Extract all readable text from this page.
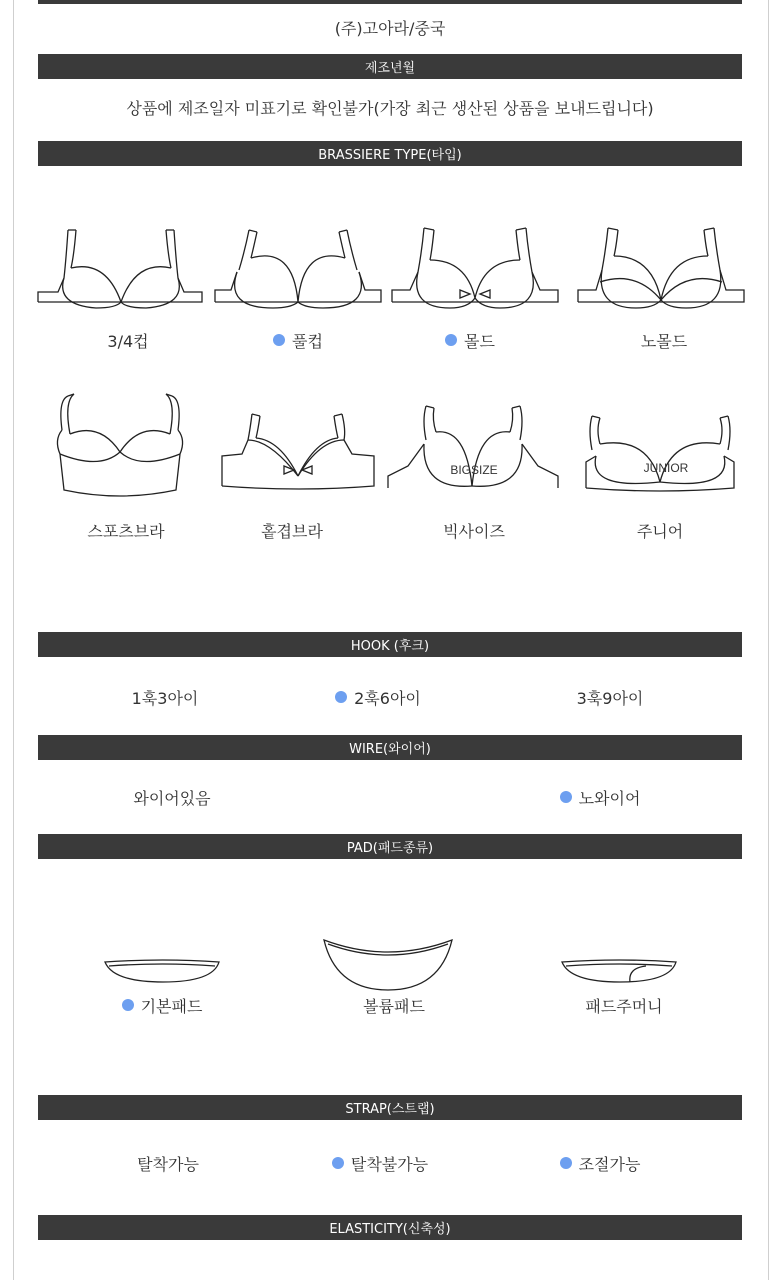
(주)고아라/중국
제조년월
상품에 제조일자 미표기로 확인불가(가장 최근 생산된 상품을 보내드립니다)
BRASSIERE TYPE(타입)
3/4컵	풀컵	몰드	노몰드
BIGSIZE	JUNIOR
스포츠브라	홑겹브라	빅사이즈	주니어
HOOK (후크)
1훅3아이	2훅6아이	3훅9아이
WIRE(와이어)
와이어있음	노와이어
PAD(패드종류)
기본패드	볼륨패드	패드주머니
STRAP(스트랩)
탈착가능	탈착불가능	조절가능
ELASTICITY(신축성)
